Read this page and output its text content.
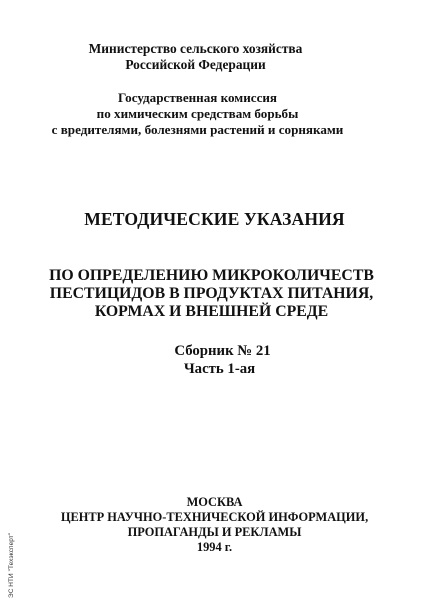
Министерство сельского хозяйства
Российской Федерации
Государственная комиссия
по химическим средствам борьбы
с вредителями, болезнями растений и сорняками
МЕТОДИЧЕСКИЕ УКАЗАНИЯ
ПО ОПРЕДЕЛЕНИЮ МИКРОКОЛИЧЕСТВ
ПЕСТИЦИДОВ В ПРОДУКТАХ ПИТАНИЯ,
КОРМАХ И ВНЕШНЕЙ СРЕДЕ
Сборник № 21
Часть 1-ая
МОСКВА
ЦЕНТР НАУЧНО-ТЕХНИЧЕСКОЙ ИНФОРМАЦИИ,
ПРОПАГАНДЫ И РЕКЛАМЫ
1994 г.
ЭС НТИ "Техэксперт"
